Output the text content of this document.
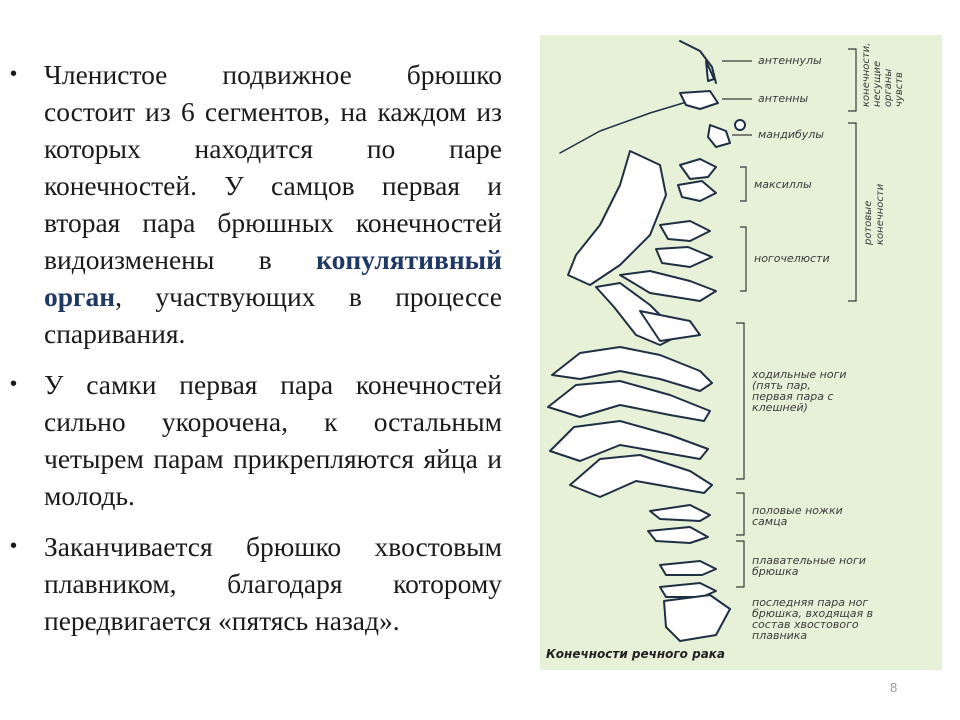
• Членистое подвижное брюшко состоит из 6 сегментов, на каждом из которых находится по паре конечностей. У самцов первая и вторая пара брюшных конечностей видоизменены в копулятивный орган, участвующих в процессе спаривания.

• У самки первая пара конечностей сильно укорочена, к остальным четырем парам прикрепляются яйца и молодь.

• Заканчивается брюшко хвостовым плавником, благодаря которому передвигается «пятясь назад».

антеннулы
антенны
мандибулы
максиллы
ногочелюсти
ходильные ноги
(пять пар,
первая пара с
клешней)
половые ножки
самца
плавательные ноги
брюшка
последняя пара ног
брюшка, входящая в
состав хвостового
плавника
конечности, несущие органы чувств
ротовые конечности
Конечности речного рака
8
